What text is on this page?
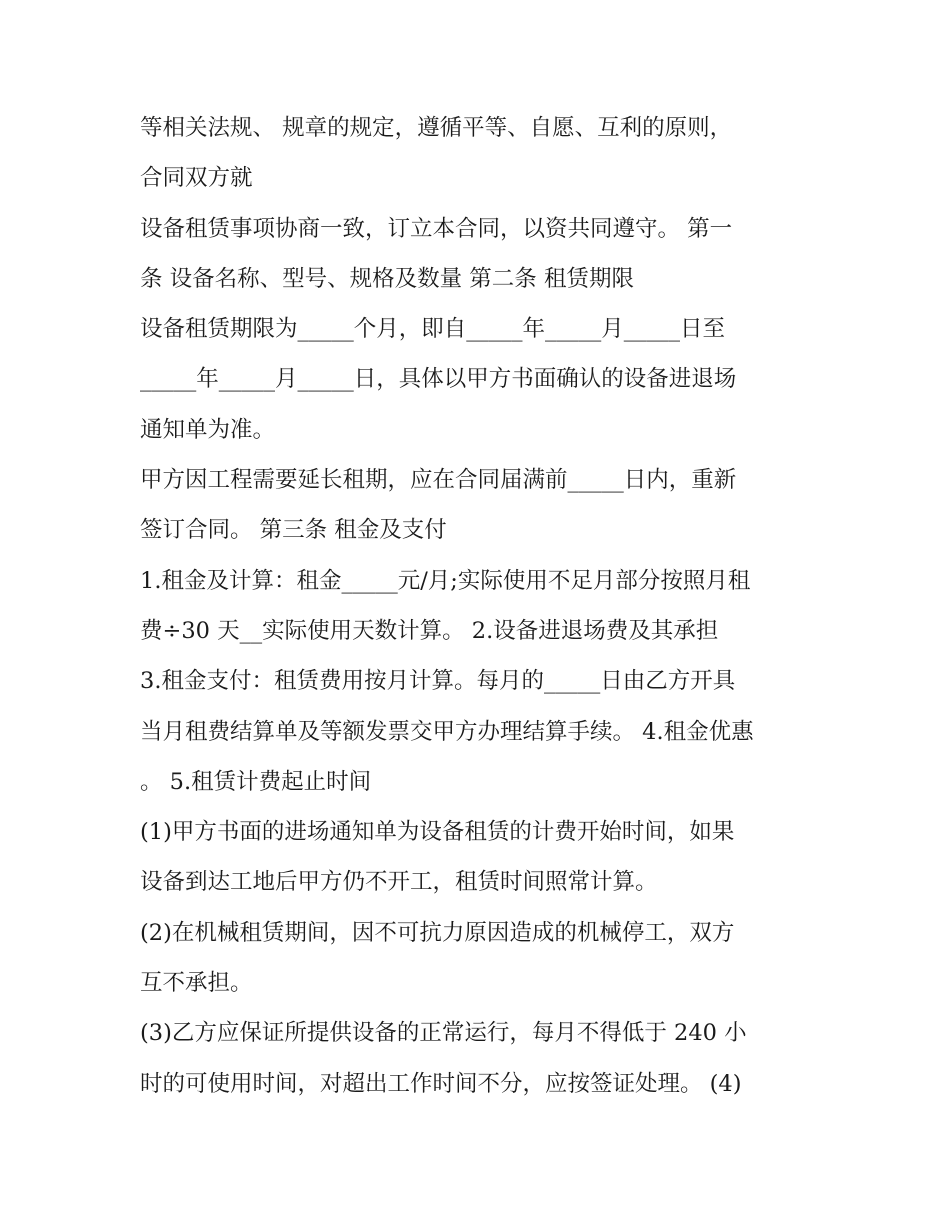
等相关法规、 规章的规定，遵循平等、自愿、互利的原则，
合同双方就
设备租赁事项协商一致，订立本合同，以资共同遵守。 第一
条 设备名称、型号、规格及数量 第二条 租赁期限
设备租赁期限为_____个月，即自_____年_____月_____日至
_____年_____月_____日，具体以甲方书面确认的设备进退场
通知单为准。
甲方因工程需要延长租期，应在合同届满前_____日内，重新
签订合同。 第三条 租金及支付
1.租金及计算：租金_____元/月;实际使用不足月部分按照月租
费÷30 天__实际使用天数计算。 2.设备进退场费及其承担
3.租金支付：租赁费用按月计算。每月的_____日由乙方开具
当月租费结算单及等额发票交甲方办理结算手续。 4.租金优惠
。 5.租赁计费起止时间
(1)甲方书面的进场通知单为设备租赁的计费开始时间，如果
设备到达工地后甲方仍不开工，租赁时间照常计算。
(2)在机械租赁期间，因不可抗力原因造成的机械停工，双方
互不承担。
(3)乙方应保证所提供设备的正常运行，每月不得低于 240 小
时的可使用时间，对超出工作时间不分，应按签证处理。 (4)
